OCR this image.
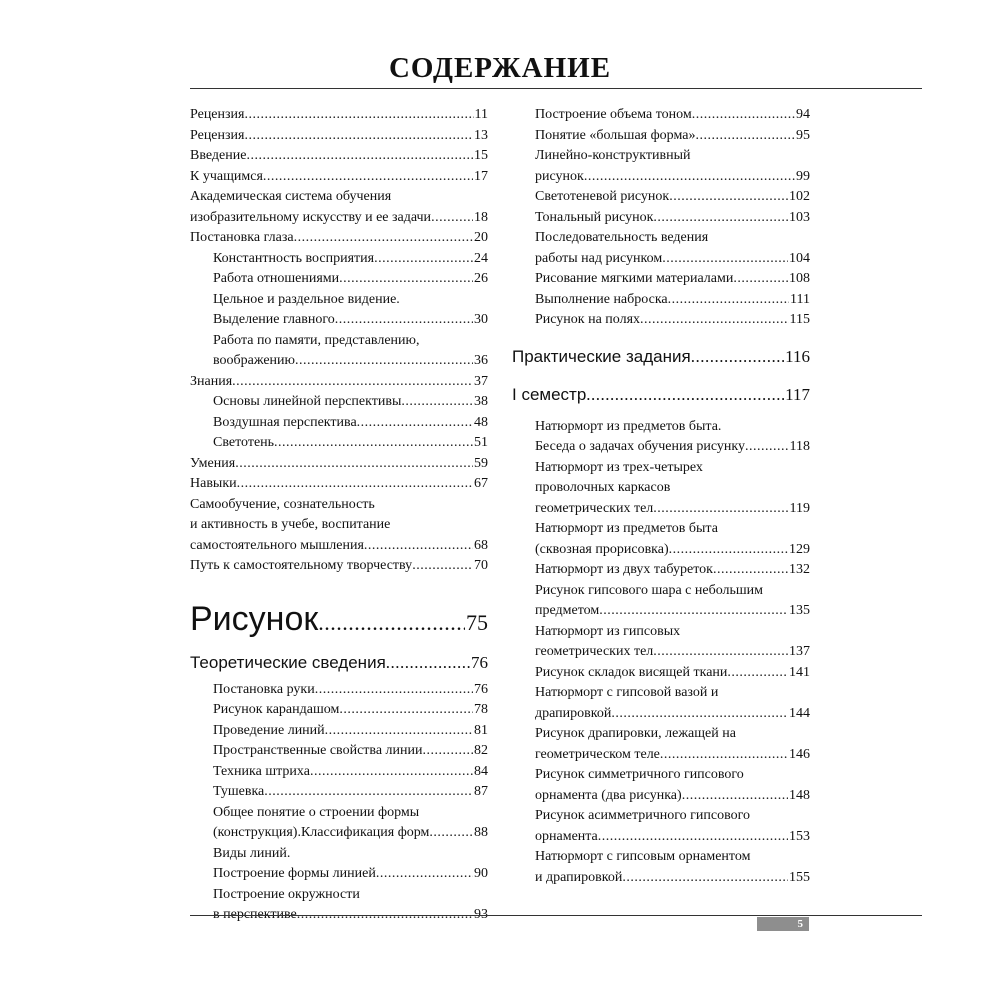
СОДЕРЖАНИЕ
Рецензия .....	11
Рецензия .....	13
Введение .....	15
К учащимся .....	17
Академическая система обучения
изобразительному искусству и ее задачи .....	18
Постановка глаза .....	20
Константность восприятия .....	24
Работа отношениями .....	26
Цельное и раздельное видение.
Выделение главного .....	30
Работа по памяти, представлению,
воображению .....	36
Знания .....	37
Основы линейной перспективы .....	38
Воздушная перспектива .....	48
Светотень .....	51
Умения .....	59
Навыки .....	67
Самообучение, сознательность
и активность в учебе, воспитание
самостоятельного мышления .....	68
Путь к самостоятельному творчеству .....	70
Рисунок .....	75
Теоретические сведения .....	76
Постановка руки .....	76
Рисунок карандашом .....	78
Проведение линий .....	81
Пространственные свойства линии .....	82
Техника штриха .....	84
Тушевка .....	87
Общее понятие о строении формы
(конструкция).Классификация форм .....	88
Виды линий.
Построение формы линией .....	90
Построение окружности
в перспективе .....	93
Построение объема тоном .....	94
Понятие «большая форма» .....	95
Линейно-конструктивный
рисунок .....	99
Светотеневой рисунок .....	102
Тональный рисунок .....	103
Последовательность ведения
работы над рисунком .....	104
Рисование мягкими материалами .....	108
Выполнение наброска .....	111
Рисунок на полях .....	115
Практические задания .....	116
I семестр .....	117
Натюрморт из предметов быта.
Беседа о задачах обучения рисунку .....	118
Натюрморт из трех-четырех
проволочных каркасов
геометрических тел .....	119
Натюрморт из предметов быта
(сквозная прорисовка) .....	129
Натюрморт из двух табуреток .....	132
Рисунок гипсового шара с небольшим
предметом .....	135
Натюрморт из гипсовых
геометрических тел .....	137
Рисунок складок висящей ткани .....	141
Натюрморт с гипсовой вазой и
драпировкой .....	144
Рисунок драпировки, лежащей на
геометрическом теле .....	146
Рисунок симметричного гипсового
орнамента (два рисунка) .....	148
Рисунок асимметричного гипсового
орнамента .....	153
Натюрморт с гипсовым орнаментом
и драпировкой .....	155
5
